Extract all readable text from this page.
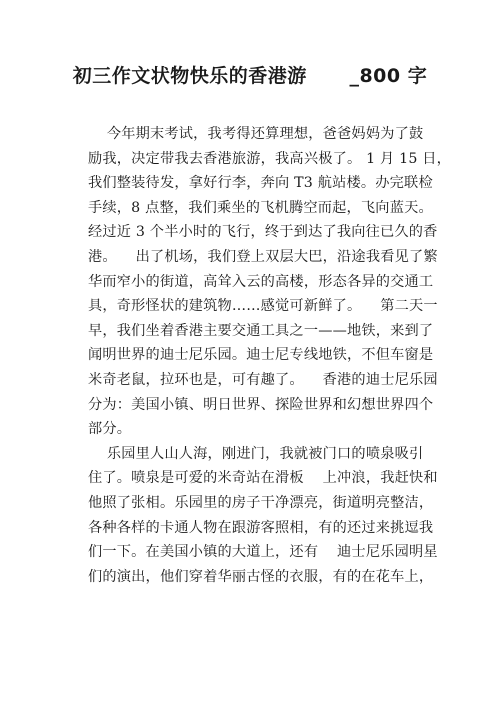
初三作文状物快乐的香港游      _800 字
今年期末考试，我考得还算理想，爸爸妈妈为了鼓
励我，决定带我去香港旅游，我高兴极了。 1 月 15 日，
我们整装待发，拿好行李，奔向 T3 航站楼。办完联检
手续，8 点整，我们乘坐的飞机腾空而起，飞向蓝天。
经过近 3 个半小时的飞行，终于到达了我向往已久的香
港。    出了机场，我们登上双层大巴，沿途我看见了繁
华而窄小的街道，高耸入云的高楼，形态各异的交通工
具，奇形怪状的建筑物……感觉可新鲜了。    第二天一
早，我们坐着香港主要交通工具之一——地铁，来到了
闻明世界的迪士尼乐园。迪士尼专线地铁，不但车窗是
米奇老鼠，拉环也是，可有趣了。    香港的迪士尼乐园
分为：美国小镇、明日世界、探险世界和幻想世界四个
部分。
乐园里人山人海，刚进门，我就被门口的喷泉吸引
住了。喷泉是可爱的米奇站在滑板    上冲浪，我赶快和
他照了张相。乐园里的房子干净漂亮，街道明亮整洁，
各种各样的卡通人物在跟游客照相，有的还过来挑逗我
们一下。在美国小镇的大道上，还有    迪士尼乐园明星
们的演出，他们穿着华丽古怪的衣服，有的在花车上，
